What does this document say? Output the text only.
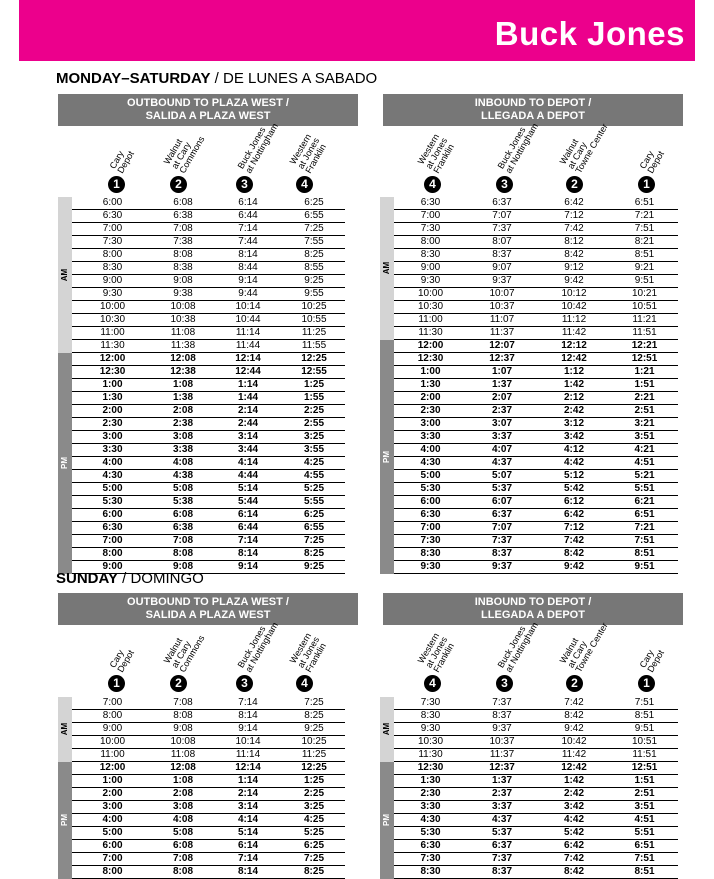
Buck Jones
MONDAY–SATURDAY / DE LUNES A SABADO
OUTBOUND TO PLAZA WEST /
SALIDA A PLAZA WEST
Cary
Depot
1
Walnut
at Cary
Commons
2
Buck Jones
at Nottingham
3
Western
at Jones
Franklin
4
AM	6:00	6:08	6:14	6:25
	6:30	6:38	6:44	6:55
	7:00	7:08	7:14	7:25
	7:30	7:38	7:44	7:55
	8:00	8:08	8:14	8:25
	8:30	8:38	8:44	8:55
	9:00	9:08	9:14	9:25
	9:30	9:38	9:44	9:55
	10:00	10:08	10:14	10:25
	10:30	10:38	10:44	10:55
	11:00	11:08	11:14	11:25
	11:30	11:38	11:44	11:55

PM	12:00	12:08	12:14	12:25
	12:30	12:38	12:44	12:55
	1:00	1:08	1:14	1:25
	1:30	1:38	1:44	1:55
	2:00	2:08	2:14	2:25
	2:30	2:38	2:44	2:55
	3:00	3:08	3:14	3:25
	3:30	3:38	3:44	3:55
	4:00	4:08	4:14	4:25
	4:30	4:38	4:44	4:55
	5:00	5:08	5:14	5:25
	5:30	5:38	5:44	5:55
	6:00	6:08	6:14	6:25
	6:30	6:38	6:44	6:55
	7:00	7:08	7:14	7:25
	8:00	8:08	8:14	8:25
	9:00	9:08	9:14	9:25
INBOUND TO DEPOT /
LLEGADA A DEPOT
Western
at Jones
Franklin
4
Buck Jones
at Nottingham
3
Walnut
at Cary
Towne Center
2
Cary
Depot
1
AM	6:30	6:37	6:42	6:51
	7:00	7:07	7:12	7:21
	7:30	7:37	7:42	7:51
	8:00	8:07	8:12	8:21
	8:30	8:37	8:42	8:51
	9:00	9:07	9:12	9:21
	9:30	9:37	9:42	9:51
	10:00	10:07	10:12	10:21
	10:30	10:37	10:42	10:51
	11:00	11:07	11:12	11:21
	11:30	11:37	11:42	11:51

PM	12:00	12:07	12:12	12:21
	12:30	12:37	12:42	12:51
	1:00	1:07	1:12	1:21
	1:30	1:37	1:42	1:51
	2:00	2:07	2:12	2:21
	2:30	2:37	2:42	2:51
	3:00	3:07	3:12	3:21
	3:30	3:37	3:42	3:51
	4:00	4:07	4:12	4:21
	4:30	4:37	4:42	4:51
	5:00	5:07	5:12	5:21
	5:30	5:37	5:42	5:51
	6:00	6:07	6:12	6:21
	6:30	6:37	6:42	6:51
	7:00	7:07	7:12	7:21
	7:30	7:37	7:42	7:51
	8:30	8:37	8:42	8:51
	9:30	9:37	9:42	9:51
SUNDAY / DOMINGO
OUTBOUND TO PLAZA WEST /
SALIDA A PLAZA WEST
Cary
Depot
1
Walnut
at Cary
Commons
2
Buck Jones
at Nottingham
3
Western
at Jones
Franklin
4
AM	7:00	7:08	7:14	7:25
	8:00	8:08	8:14	8:25
	9:00	9:08	9:14	9:25
	10:00	10:08	10:14	10:25
	11:00	11:08	11:14	11:25

PM	12:00	12:08	12:14	12:25
	1:00	1:08	1:14	1:25
	2:00	2:08	2:14	2:25
	3:00	3:08	3:14	3:25
	4:00	4:08	4:14	4:25
	5:00	5:08	5:14	5:25
	6:00	6:08	6:14	6:25
	7:00	7:08	7:14	7:25
	8:00	8:08	8:14	8:25
INBOUND TO DEPOT /
LLEGADA A DEPOT
Western
at Jones
Franklin
4
Buck Jones
at Nottingham
3
Walnut
at Cary
Towne Center
2
Cary
Depot
1
AM	7:30	7:37	7:42	7:51
	8:30	8:37	8:42	8:51
	9:30	9:37	9:42	9:51
	10:30	10:37	10:42	10:51
	11:30	11:37	11:42	11:51

PM	12:30	12:37	12:42	12:51
	1:30	1:37	1:42	1:51
	2:30	2:37	2:42	2:51
	3:30	3:37	3:42	3:51
	4:30	4:37	4:42	4:51
	5:30	5:37	5:42	5:51
	6:30	6:37	6:42	6:51
	7:30	7:37	7:42	7:51
	8:30	8:37	8:42	8:51
